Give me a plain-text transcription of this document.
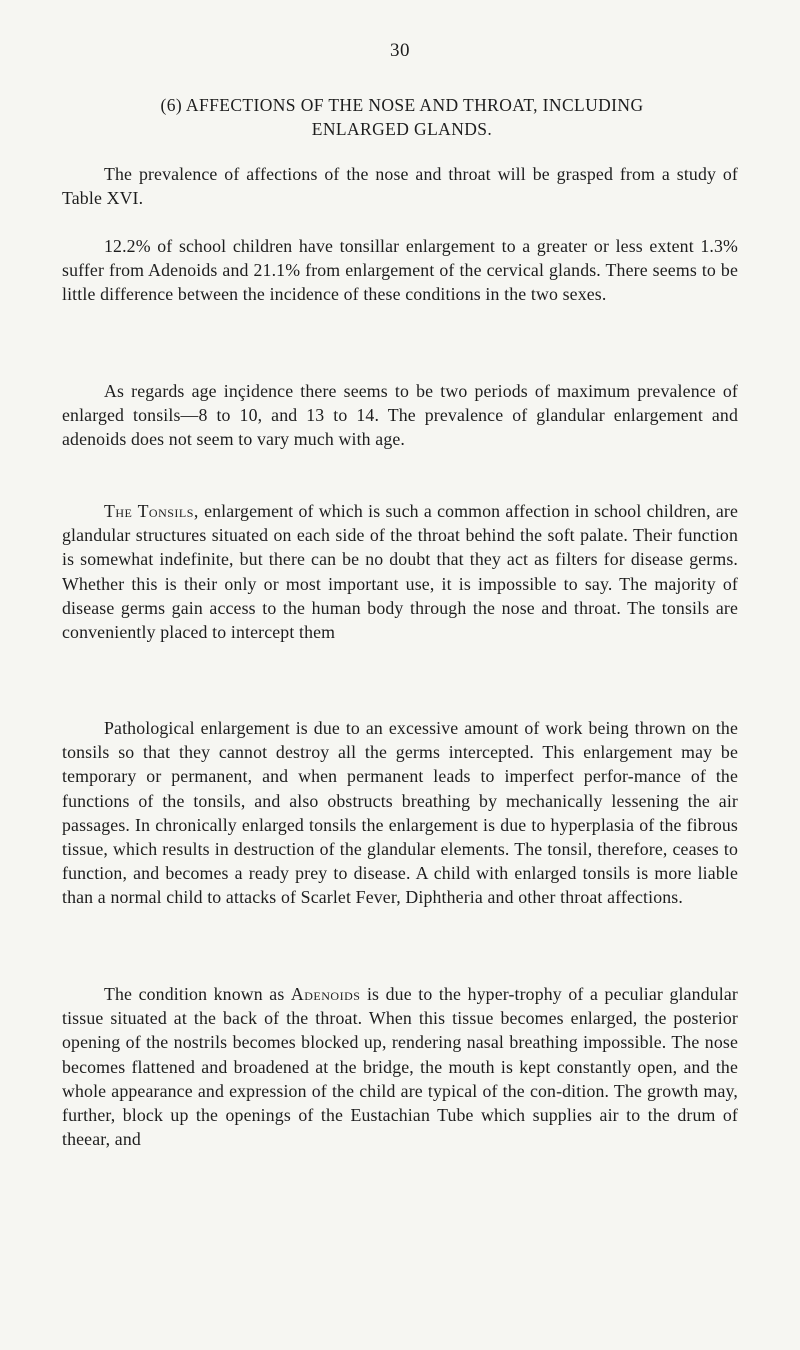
30
(6) AFFECTIONS OF THE NOSE AND THROAT, INCLUDING
ENLARGED GLANDS.
The prevalence of affections of the nose and throat will be grasped from a study of Table XVI.
12.2% of school children have tonsillar enlargement to a greater or less extent 1.3% suffer from Adenoids and 21.1% from enlargement of the cervical glands. There seems to be little difference between the incidence of these conditions in the two sexes.
As regards age inçidence there seems to be two periods of maximum prevalence of enlarged tonsils—8 to 10, and 13 to 14. The prevalence of glandular enlargement and adenoids does not seem to vary much with age.
The Tonsils, enlargement of which is such a common affection in school children, are glandular structures situated on each side of the throat behind the soft palate. Their function is somewhat indefinite, but there can be no doubt that they act as filters for disease germs. Whether this is their only or most important use, it is impossible to say. The majority of disease germs gain access to the human body through the nose and throat. The tonsils are conveniently placed to intercept them
Pathological enlargement is due to an excessive amount of work being thrown on the tonsils so that they cannot destroy all the germs intercepted. This enlargement may be temporary or permanent, and when permanent leads to imperfect perfor-mance of the functions of the tonsils, and also obstructs breathing by mechanically lessening the air passages. In chronically enlarged tonsils the enlargement is due to hyperplasia of the fibrous tissue, which results in destruction of the glandular elements. The tonsil, therefore, ceases to function, and becomes a ready prey to disease. A child with enlarged tonsils is more liable than a normal child to attacks of Scarlet Fever, Diphtheria and other throat affections.
The condition known as Adenoids is due to the hyper-trophy of a peculiar glandular tissue situated at the back of the throat. When this tissue becomes enlarged, the posterior opening of the nostrils becomes blocked up, rendering nasal breathing impossible. The nose becomes flattened and broadened at the bridge, the mouth is kept constantly open, and the whole appearance and expression of the child are typical of the con-dition. The growth may, further, block up the openings of the Eustachian Tube which supplies air to the drum of theear, and
